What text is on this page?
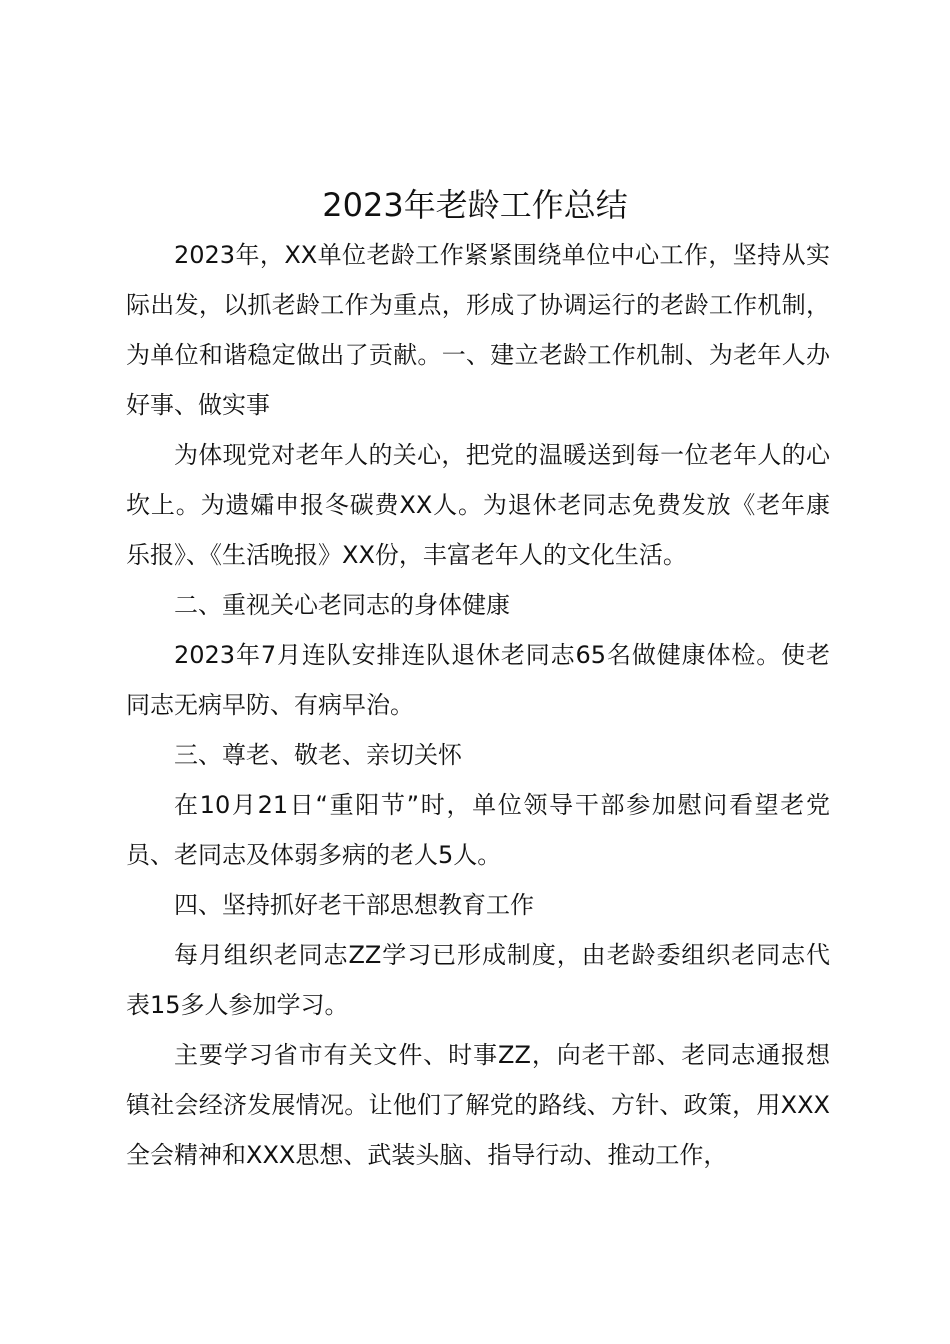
2023年老龄工作总结

2023年，XX单位老龄工作紧紧围绕单位中心工作，坚持从实际出发，以抓老龄工作为重点，形成了协调运行的老龄工作机制，为单位和谐稳定做出了贡献。一、建立老龄工作机制、为老年人办好事、做实事

为体现党对老年人的关心，把党的温暖送到每一位老年人的心坎上。为遗孀申报冬碳费XX人。为退休老同志免费发放《老年康乐报》、《生活晚报》XX份，丰富老年人的文化生活。

二、重视关心老同志的身体健康

2023年7月连队安排连队退休老同志65名做健康体检。使老同志无病早防、有病早治。

三、尊老、敬老、亲切关怀

在10月21日“重阳节”时，单位领导干部参加慰问看望老党员、老同志及体弱多病的老人5人。

四、坚持抓好老干部思想教育工作

每月组织老同志ZZ学习已形成制度，由老龄委组织老同志代表15多人参加学习。

主要学习省市有关文件、时事ZZ，向老干部、老同志通报想镇社会经济发展情况。让他们了解党的路线、方针、政策，用XXX全会精神和XXX思想、武装头脑、指导行动、推动工作，
